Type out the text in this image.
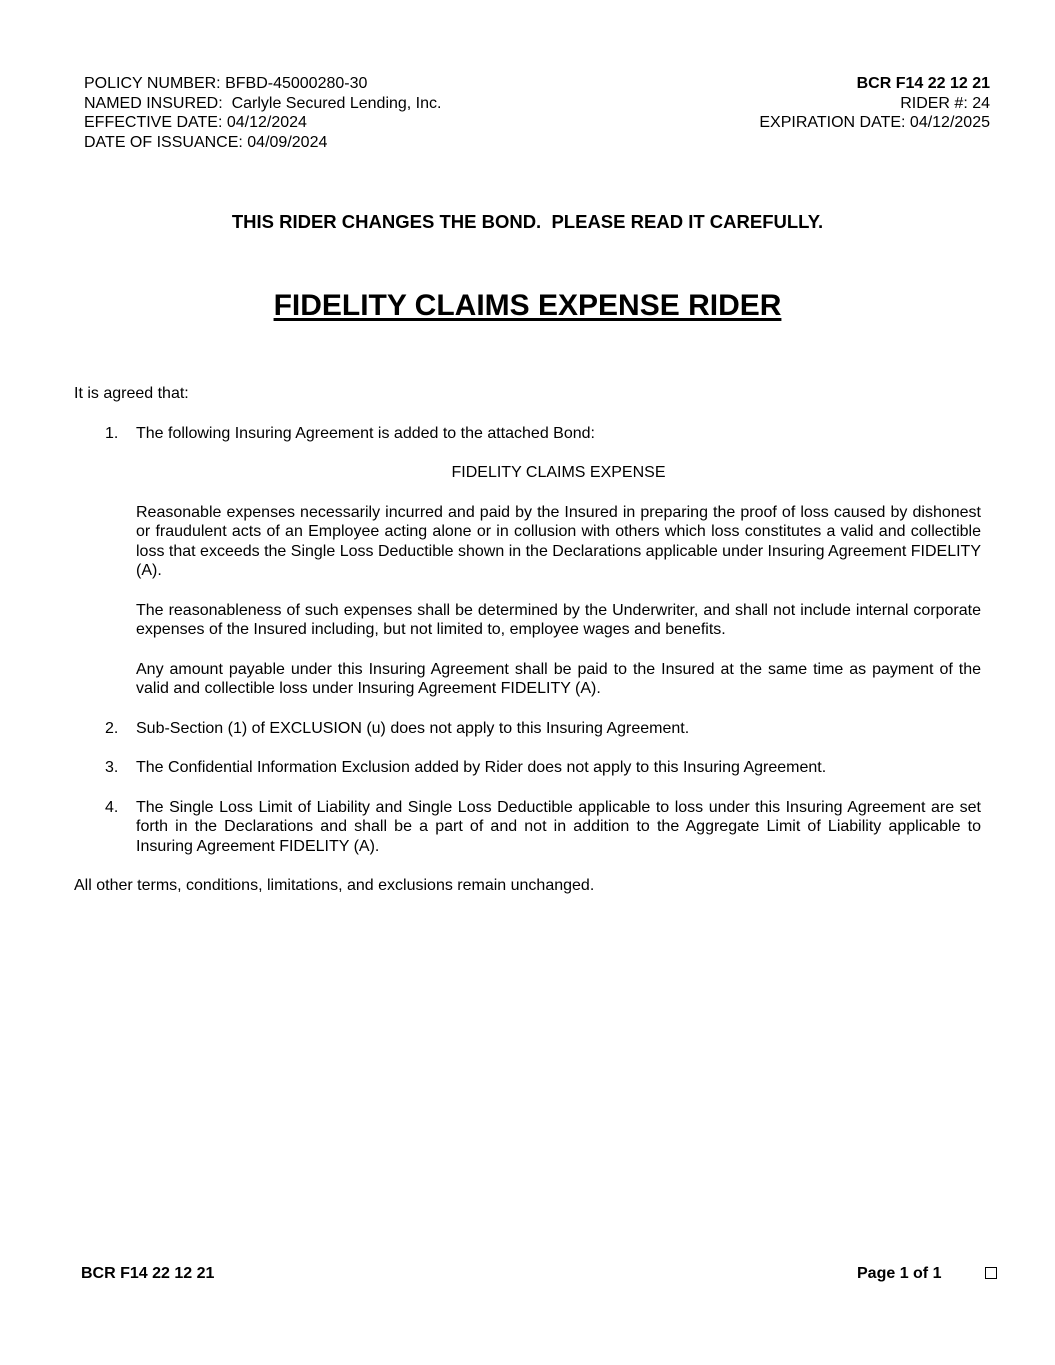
POLICY NUMBER: BFBD-45000280-30
NAMED INSURED:  Carlyle Secured Lending, Inc.
EFFECTIVE DATE: 04/12/2024
DATE OF ISSUANCE: 04/09/2024
BCR F14 22 12 21
RIDER #: 24
EXPIRATION DATE: 04/12/2025
THIS RIDER CHANGES THE BOND.  PLEASE READ IT CAREFULLY.
FIDELITY CLAIMS EXPENSE RIDER

It is agreed that:

1. The following Insuring Agreement is added to the attached Bond:
FIDELITY CLAIMS EXPENSE

Reasonable expenses necessarily incurred and paid by the Insured in preparing the proof of loss caused by dishonest or fraudulent acts of an Employee acting alone or in collusion with others which loss constitutes a valid and collectible loss that exceeds the Single Loss Deductible shown in the Declarations applicable under Insuring Agreement FIDELITY (A).

The reasonableness of such expenses shall be determined by the Underwriter, and shall not include internal corporate expenses of the Insured including, but not limited to, employee wages and benefits.

Any amount payable under this Insuring Agreement shall be paid to the Insured at the same time as payment of the valid and collectible loss under Insuring Agreement FIDELITY (A).

2. Sub-Section (1) of EXCLUSION (u) does not apply to this Insuring Agreement.
3. The Confidential Information Exclusion added by Rider does not apply to this Insuring Agreement.
4. The Single Loss Limit of Liability and Single Loss Deductible applicable to loss under this Insuring Agreement are set forth in the Declarations and shall be a part of and not in addition to the Aggregate Limit of Liability applicable to Insuring Agreement FIDELITY (A).

All other terms, conditions, limitations, and exclusions remain unchanged.

BCR F14 22 12 21	Page 1 of 1
